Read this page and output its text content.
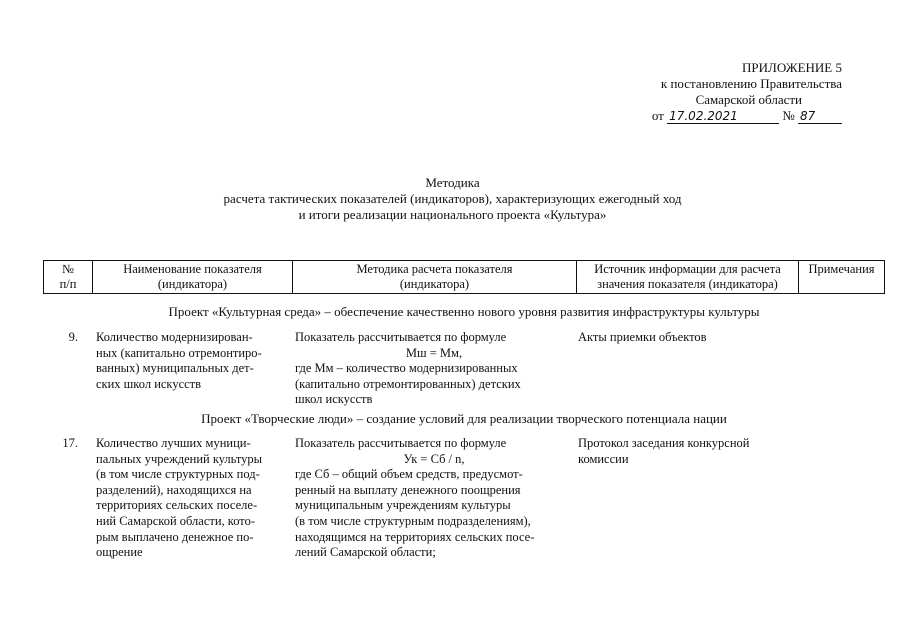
ПРИЛОЖЕНИЕ 5
к постановлению Правительства
Самарской области
от 17.02.2021	№ 87
Методика
расчета тактических показателей (индикаторов), характеризующих ежегодный ход
и итоги реализации национального проекта «Культура»
№
п/п
Наименование показателя
(индикатора)
Методика расчета показателя
(индикатора)
Источник информации для расчета
значения показателя (индикатора)
Примечания
Проект «Культурная среда» – обеспечение качественно нового уровня развития инфраструктуры культуры
9. Количество модернизирован-
ных (капитально отремонтиро-
ванных) муниципальных дет-
ских школ искусств
Показатель рассчитывается по формуле
Мш = Мм,
где Мм – количество модернизированных
(капитально отремонтированных) детских
школ искусств
Акты приемки объектов
Проект «Творческие люди» – создание условий для реализации творческого потенциала нации
17. Количество лучших муници-
пальных учреждений культуры
(в том числе структурных под-
разделений), находящихся на
территориях сельских поселе-
ний Самарской области, кото-
рым выплачено денежное по-
ощрение
Показатель рассчитывается по формуле
Ук = Сб / n,
где Сб – общий объем средств, предусмот-
ренный на выплату денежного поощрения
муниципальным учреждениям культуры
(в том числе структурным подразделениям),
находящимся на территориях сельских посе-
лений Самарской области;
Протокол заседания конкурсной
комиссии
